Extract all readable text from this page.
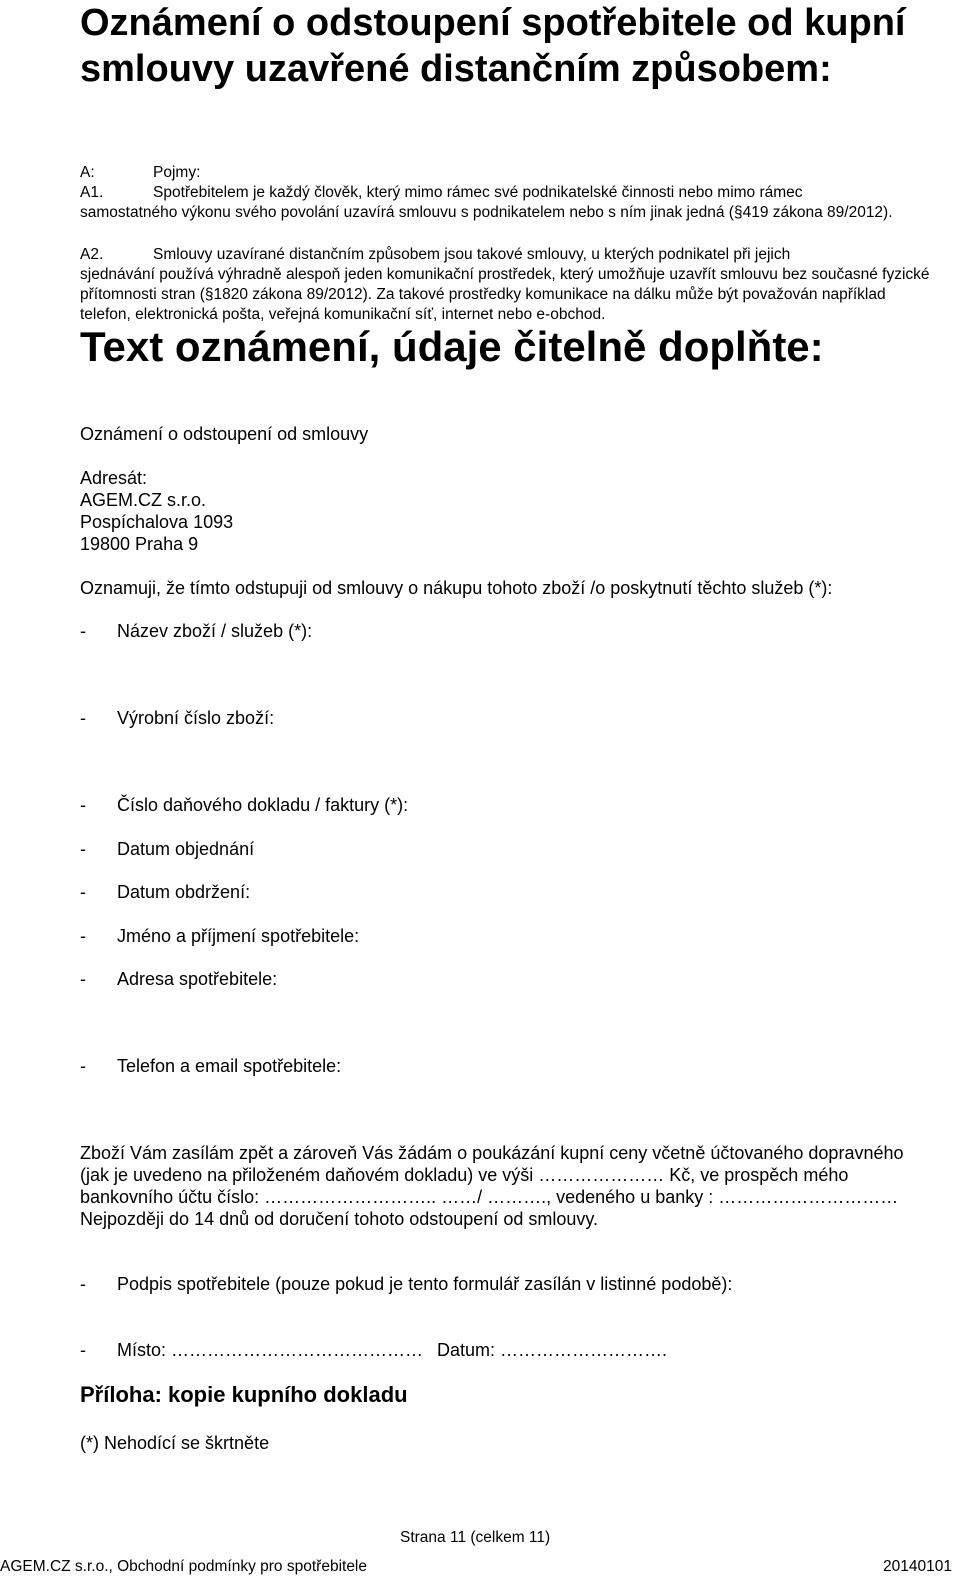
Oznámení o odstoupení spotřebitele od kupní smlouvy uzavřené distančním způsobem:
A:	Pojmy:
A1.	Spotřebitelem je každý člověk, který mimo rámec své podnikatelské činnosti nebo mimo rámec
samostatného výkonu svého povolání uzavírá smlouvu s podnikatelem nebo s ním jinak jedná (§419 zákona 89/2012).
A2.	Smlouvy uzavírané distančním způsobem jsou takové smlouvy, u kterých podnikatel při jejich
sjednávání používá výhradně alespoň jeden komunikační prostředek, který umožňuje uzavřít smlouvu bez současné fyzické přítomnosti stran (§1820 zákona 89/2012). Za takové prostředky komunikace na dálku může být považován například telefon, elektronická pošta, veřejná komunikační síť, internet nebo e-obchod.
Text oznámení, údaje čitelně doplňte:
Oznámení o odstoupení od smlouvy
Adresát:
AGEM.CZ s.r.o.
Pospíchalova 1093
19800 Praha 9
Oznamuji, že tímto odstupuji od smlouvy o nákupu tohoto zboží /o poskytnutí těchto služeb (*):
- Název zboží / služeb (*):
- Výrobní číslo zboží:
- Číslo daňového dokladu / faktury (*):
- Datum objednání
- Datum obdržení:
- Jméno a příjmení spotřebitele:
- Adresa spotřebitele:
- Telefon a email spotřebitele:
Zboží Vám zasílám zpět a zároveň Vás žádám o poukázání kupní ceny včetně účtovaného dopravného
(jak je uvedeno na přiloženém daňovém dokladu) ve výši ………………… Kč, ve prospěch mého
bankovního účtu číslo: ……………………….. ……/ ………., vedeného u banky : …………………………
Nejpozději do 14 dnů od doručení tohoto odstoupení od smlouvy.
- Podpis spotřebitele (pouze pokud je tento formulář zasílán v listinné podobě):
- Místo: …………………………………… Datum: ……………………….
Příloha: kopie kupního dokladu
(*) Nehodící se škrtněte
Strana 11 (celkem 11)
AGEM.CZ s.r.o., Obchodní podmínky pro spotřebitele	20140101
